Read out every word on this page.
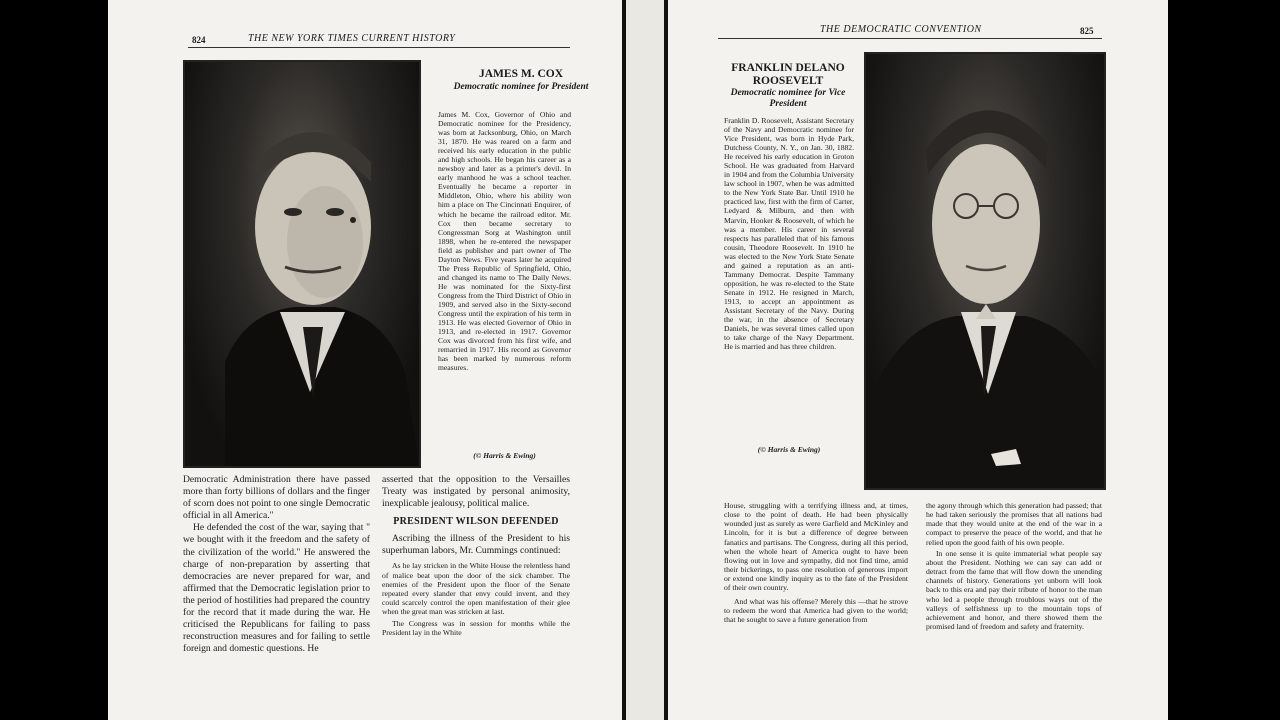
824	THE NEW YORK TIMES CURRENT HISTORY
JAMES M. COX
Democratic nominee for President
James M. Cox, Governor of Ohio and Democratic nominee for the Presidency, was born at Jacksonburg, Ohio, on March 31, 1870. He was reared on a farm and received his early education in the public and high schools. He began his career as a newsboy and later as a printer's devil. In early manhood he was a school teacher. Eventually he became a reporter in Middleton, Ohio, where his ability won him a place on The Cincinnati Enquirer, of which he became the railroad editor. Mr. Cox then became secretary to Congressman Sorg at Washington until 1898, when he re-entered the newspaper field as publisher and part owner of The Dayton News. Five years later he acquired The Press Republic of Springfield, Ohio, and changed its name to The Daily News. He was nominated for the Sixty-first Congress from the Third District of Ohio in 1909, and served also in the Sixty-second Congress until the expiration of his term in 1913. He was elected Governor of Ohio in 1913, and re-elected in 1917. Governor Cox was divorced from his first wife, and remarried in 1917. His record as Governor has been marked by numerous reform measures.
(© Harris & Ewing)

Democratic Administration there have passed more than forty billions of dollars and the finger of scorn does not point to one single Democratic official in all America."

He defended the cost of the war, saying that " we bought with it the freedom and the safety of the civilization of the world." He answered the charge of non-preparation by asserting that democracies are never prepared for war, and affirmed that the Democratic legislation prior to the period of hostilities had prepared the country for the record that it made during the war. He criticised the Republicans for failing to pass reconstruction measures and for failing to settle foreign and domestic questions. He

asserted that the opposition to the Versailles Treaty was instigated by personal animosity, inexplicable jealousy, political malice.

PRESIDENT WILSON DEFENDED

Ascribing the illness of the President to his superhuman labors, Mr. Cummings continued:

As he lay stricken in the White House the relentless hand of malice beat upon the door of the sick chamber. The enemies of the President upon the floor of the Senate repeated every slander that envy could invent, and they could scarcely control the open manifestation of their glee when the great man was stricken at last.

The Congress was in session for months while the President lay in the White

THE DEMOCRATIC CONVENTION	825
FRANKLIN DELANO
ROOSEVELT
Democratic nominee for Vice President
Franklin D. Roosevelt, Assistant Secretary of the Navy and Democratic nominee for Vice President, was born in Hyde Park, Dutchess County, N. Y., on Jan. 30, 1882. He received his early education in Groton School. He was graduated from Harvard in 1904 and from the Columbia University law school in 1907, when he was admitted to the New York State Bar. Until 1910 he practiced law, first with the firm of Carter, Ledyard & Milburn, and then with Marvin, Hooker & Roosevelt, of which he was a member. His career in several respects has paralleled that of his famous cousin, Theodore Roosevelt. In 1910 he was elected to the New York State Senate and gained a reputation as an anti-Tammany Democrat. Despite Tammany opposition, he was re-elected to the State Senate in 1912. He resigned in March, 1913, to accept an appointment as Assistant Secretary of the Navy. During the war, in the absence of Secretary Daniels, he was several times called upon to take charge of the Navy Department. He is married and has three children.
(© Harris & Ewing)

House, struggling with a terrifying illness and, at times, close to the point of death. He had been physically wounded just as surely as were Garfield and McKinley and Lincoln, for it is but a difference of degree between fanatics and partisans. The Congress, during all this period, when the whole heart of America ought to have been flowing out in love and sympathy, did not find time, amid their bickerings, to pass one resolution of generous import or extend one kindly inquiry as to the fate of the President of their own country.

And what was his offense? Merely this —that he strove to redeem the word that America had given to the world; that he sought to save a future generation from

the agony through which this generation had passed; that he had taken seriously the promises that all nations had made that they would unite at the end of the war in a compact to preserve the peace of the world, and that he relied upon the good faith of his own people.

In one sense it is quite immaterial what people say about the President. Nothing we can say can add or detract from the fame that will flow down the unending channels of history. Generations yet unborn will look back to this era and pay their tribute of honor to the man who led a people through troublous ways out of the valleys of selfishness up to the mountain tops of achievement and honor, and there showed them the promised land of freedom and safety and fraternity.
